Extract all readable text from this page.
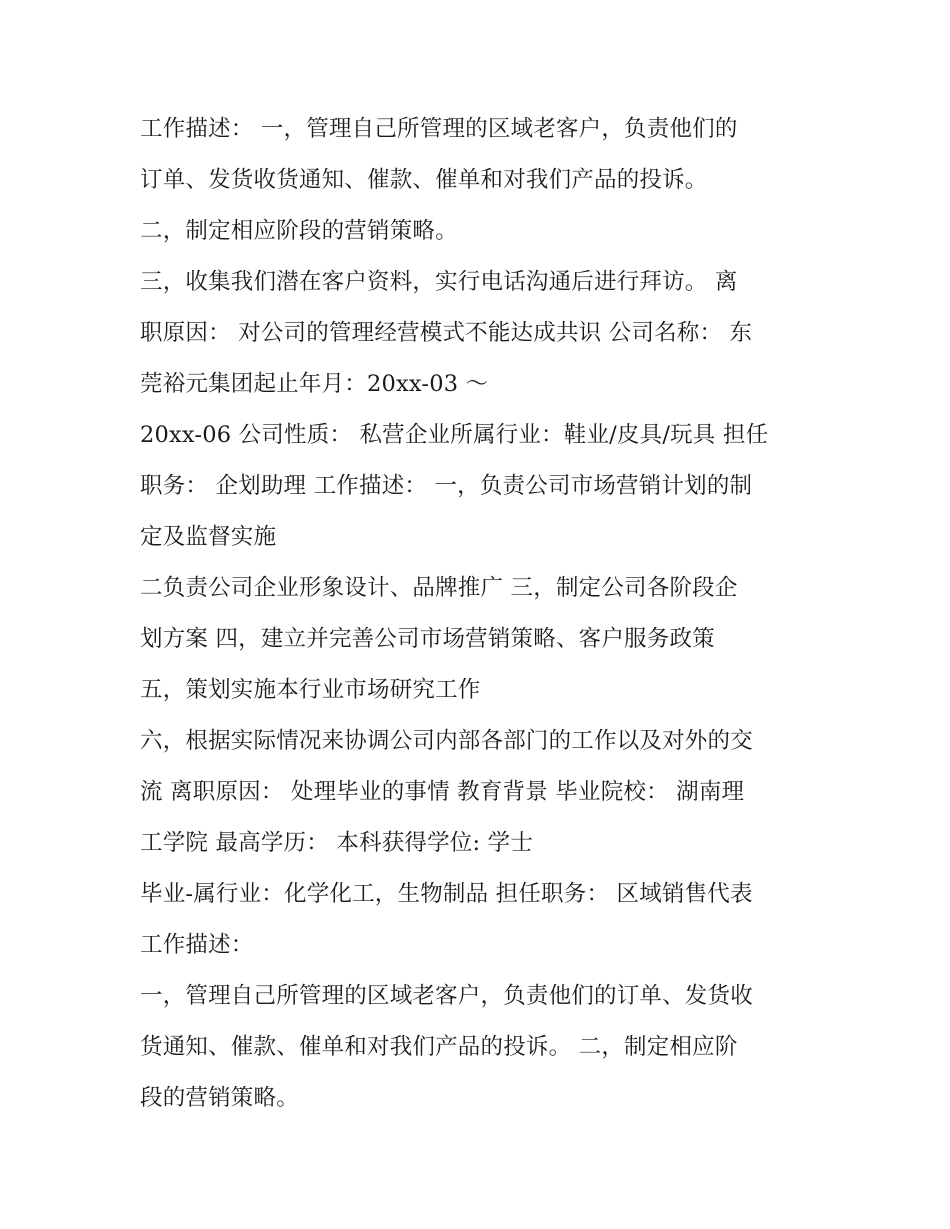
工作描述： 一，管理自己所管理的区域老客户，负责他们的
订单、发货收货通知、催款、催单和对我们产品的投诉。
二，制定相应阶段的营销策略。
三，收集我们潜在客户资料，实行电话沟通后进行拜访。 离
职原因： 对公司的管理经营模式不能达成共识 公司名称： 东
莞裕元集团起止年月：20xx-03 ～
20xx-06 公司性质： 私营企业所属行业：鞋业/皮具/玩具 担任
职务： 企划助理 工作描述： 一，负责公司市场营销计划的制
定及监督实施
二负责公司企业形象设计、品牌推广 三，制定公司各阶段企
划方案 四，建立并完善公司市场营销策略、客户服务政策
五，策划实施本行业市场研究工作
六，根据实际情况来协调公司内部各部门的工作以及对外的交
流 离职原因： 处理毕业的事情 教育背景 毕业院校： 湖南理
工学院 最高学历： 本科获得学位: 学士
毕业-属行业：化学化工，生物制品 担任职务： 区域销售代表
工作描述：
一，管理自己所管理的区域老客户，负责他们的订单、发货收
货通知、催款、催单和对我们产品的投诉。 二，制定相应阶
段的营销策略。
